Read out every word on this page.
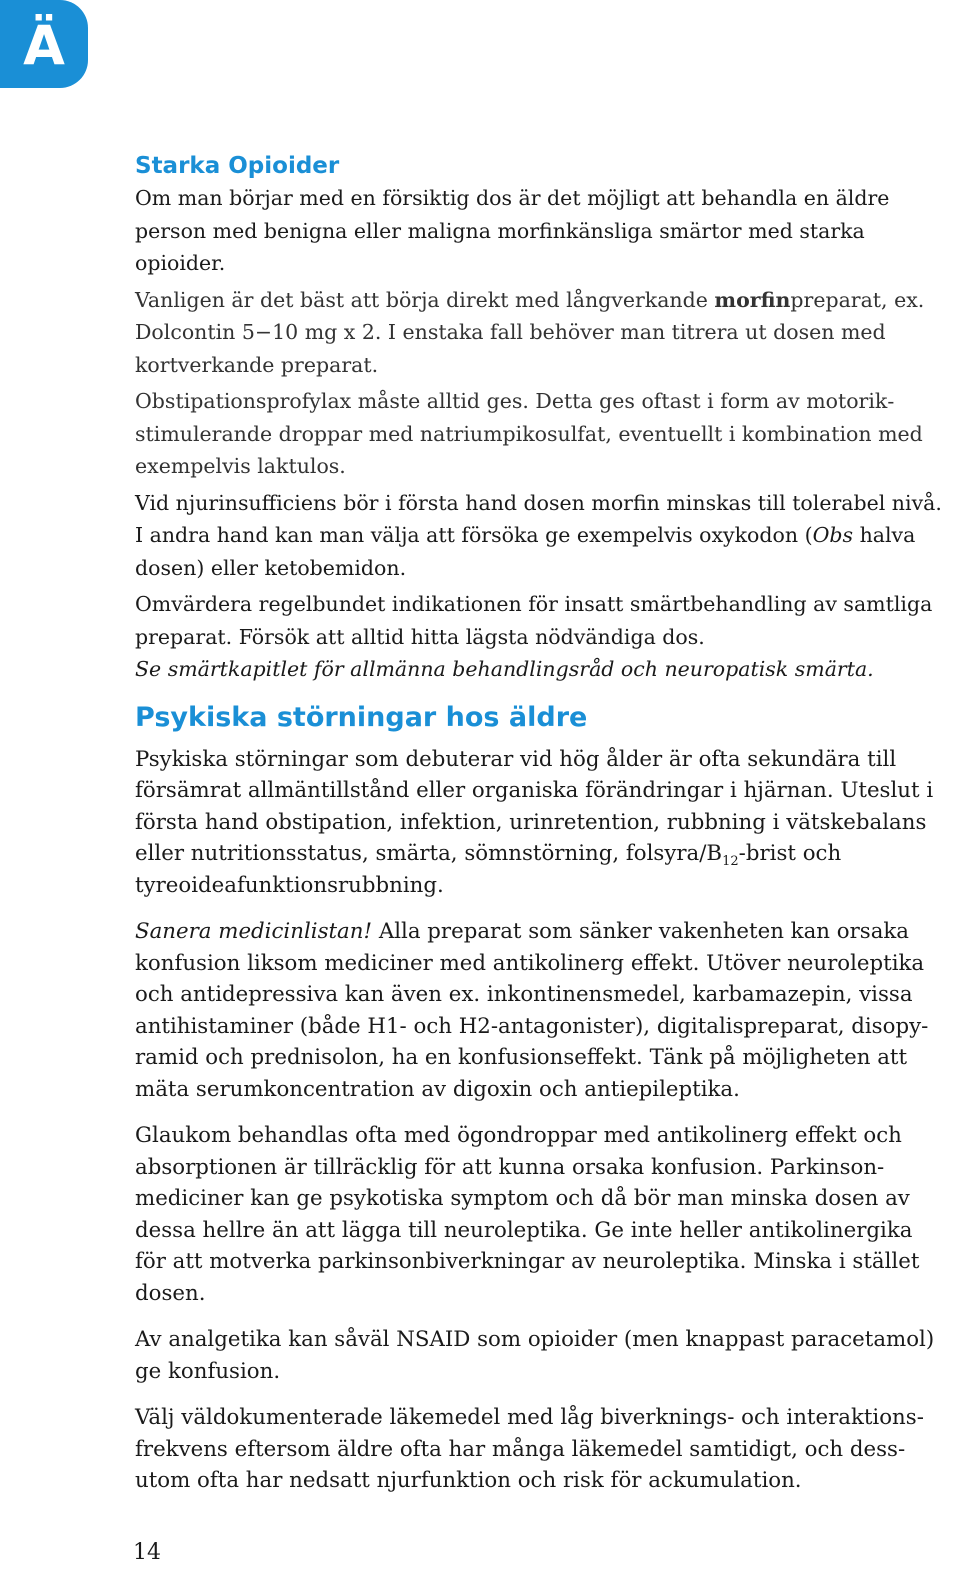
Ä
Starka Opioider

Om man börjar med en försiktig dos är det möjligt att behandla en äldre person med benigna eller maligna morfinkänsliga smärtor med starka opioider.

Vanligen är det bäst att börja direkt med långverkande morfinpreparat, ex. Dolcontin 5−10 mg x 2. I enstaka fall behöver man titrera ut dosen med kortverkande preparat.

Obstipationsprofylax måste alltid ges. Detta ges oftast i form av motorikstimulerande droppar med natriumpikosulfat, eventuellt i kombination med exempelvis laktulos.

Vid njurinsufficiens bör i första hand dosen morfin minskas till tolerabel nivå. I andra hand kan man välja att försöka ge exempelvis oxykodon (Obs halva dosen) eller ketobemidon.

Omvärdera regelbundet indikationen för insatt smärtbehandling av samtliga preparat. Försök att alltid hitta lägsta nödvändiga dos.

Se smärtkapitlet för allmänna behandlingsråd och neuropatisk smärta.

Psykiska störningar hos äldre

Psykiska störningar som debuterar vid hög ålder är ofta sekundära till försämrat allmäntillstånd eller organiska förändringar i hjärnan. Uteslut i första hand obstipation, infektion, urinretention, rubbning i vätskebalans eller nutritionsstatus, smärta, sömnstörning, folsyra/$B_{12}$-brist och tyreoideafunktionsrubbning.

Sanera medicinlistan! Alla preparat som sänker vakenheten kan orsaka konfusion liksom mediciner med antikolinerg effekt. Utöver neuroleptika och antidepressiva kan även ex. inkontinensmedel, karbamazepin, vissa antihistaminer (både H1- och H2-antagonister), digitalispreparat, disopyramid och prednisolon, ha en konfusionseffekt. Tänk på möjligheten att mäta serumkoncentration av digoxin och antiepileptika.

Glaukom behandlas ofta med ögondroppar med antikolinerg effekt och absorptionen är tillräcklig för att kunna orsaka konfusion. Parkinsonmediciner kan ge psykotiska symptom och då bör man minska dosen av dessa hellre än att lägga till neuroleptika. Ge inte heller antikolinergika för att motverka parkinsonbiverkningar av neuroleptika. Minska i stället dosen.

Av analgetika kan såväl NSAID som opioider (men knappast paracetamol) ge konfusion.

Välj väldokumenterade läkemedel med låg biverknings- och interaktionsfrekvens eftersom äldre ofta har många läkemedel samtidigt, och dessutom ofta har nedsatt njurfunktion och risk för ackumulation.

14
